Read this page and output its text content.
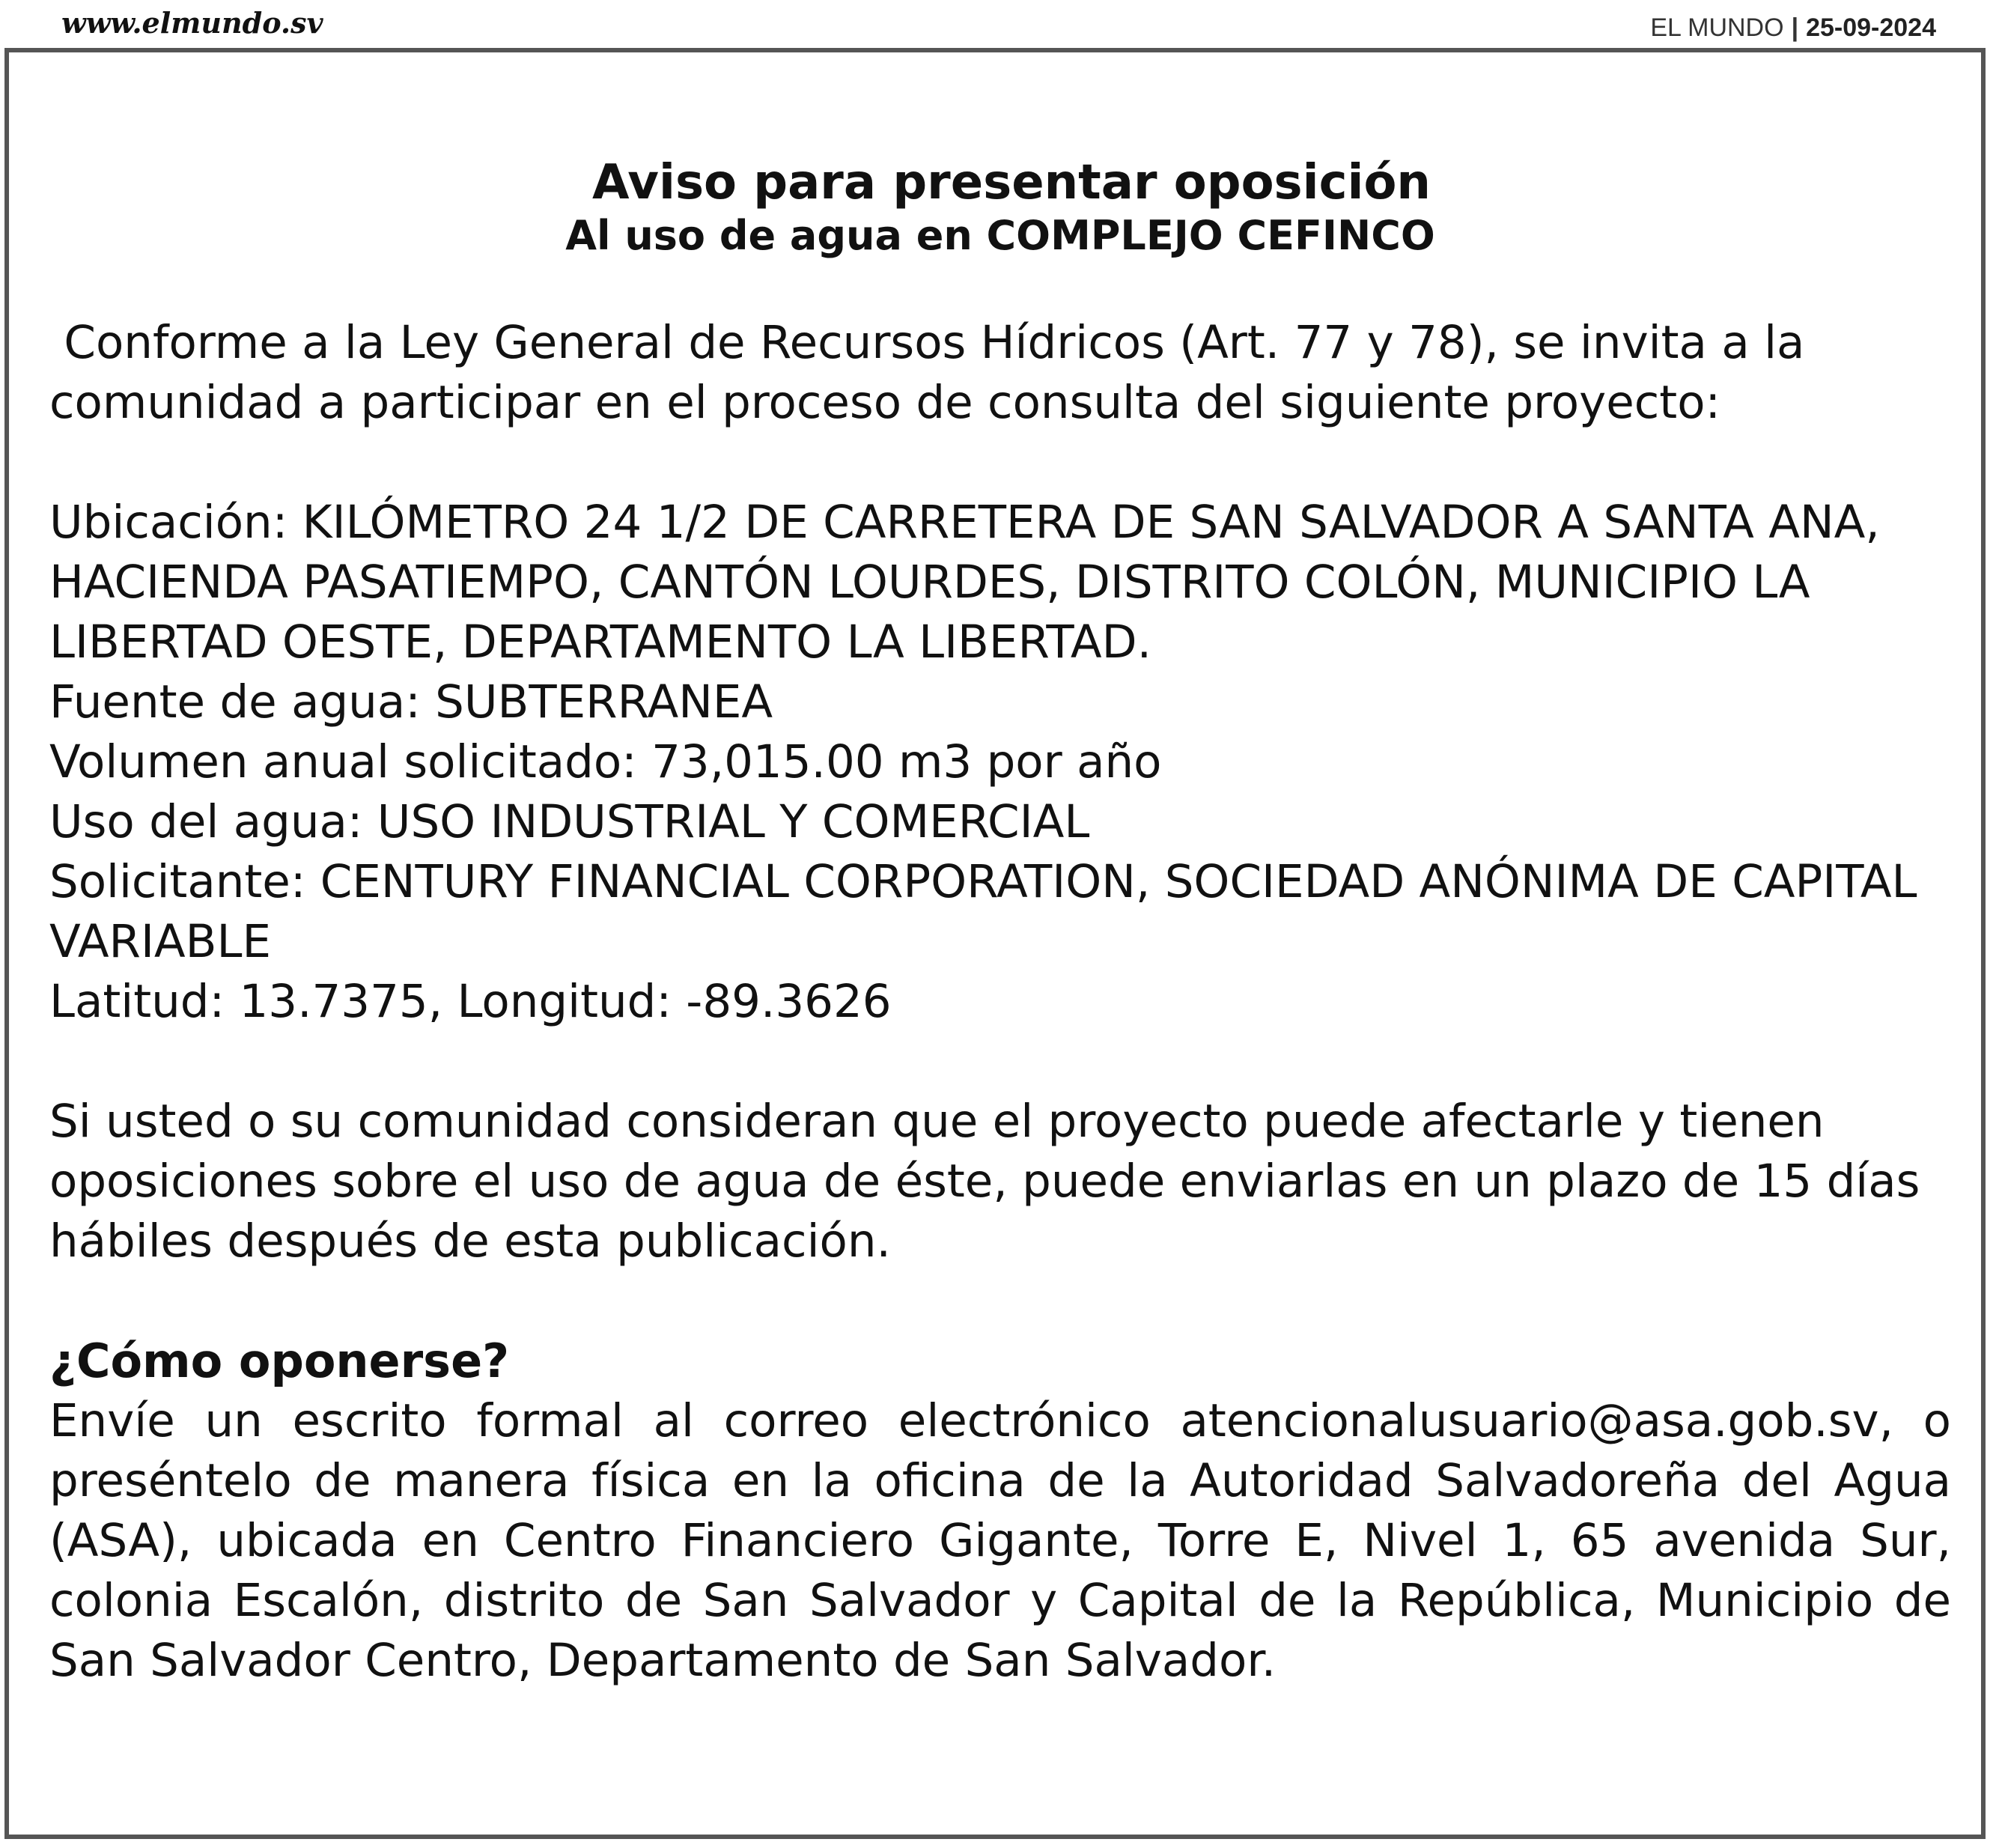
www.elmundo.sv	EL MUNDO | 25-09-2024
Aviso para presentar oposición
Al uso de agua en COMPLEJO CEFINCO

Conforme a la Ley General de Recursos Hídricos (Art. 77 y 78), se invita a la comunidad a participar en el proceso de consulta del siguiente proyecto:

Ubicación: KILÓMETRO 24 1/2 DE CARRETERA DE SAN SALVADOR A SANTA ANA, HACIENDA PASATIEMPO, CANTÓN LOURDES, DISTRITO COLÓN, MUNICIPIO LA LIBERTAD OESTE, DEPARTAMENTO LA LIBERTAD.

Fuente de agua: SUBTERRANEA

Volumen anual solicitado: 73,015.00 m3 por año

Uso del agua: USO INDUSTRIAL Y COMERCIAL

Solicitante: CENTURY FINANCIAL CORPORATION, SOCIEDAD ANÓNIMA DE CAPITAL VARIABLE

Latitud: 13.7375, Longitud: -89.3626

Si usted o su comunidad consideran que el proyecto puede afectarle y tienen oposiciones sobre el uso de agua de éste, puede enviarlas en un plazo de 15 días hábiles después de esta publicación.

¿Cómo oponerse?

Envíe un escrito formal al correo electrónico atencionalusuario@asa.gob.sv, o preséntelo de manera física en la oficina de la Autoridad Salvadoreña del Agua (ASA), ubicada en Centro Financiero Gigante, Torre E, Nivel 1, 65 avenida Sur, colonia Escalón, distrito de San Salvador y Capital de la República, Municipio de San Salvador Centro, Departamento de San Salvador.
